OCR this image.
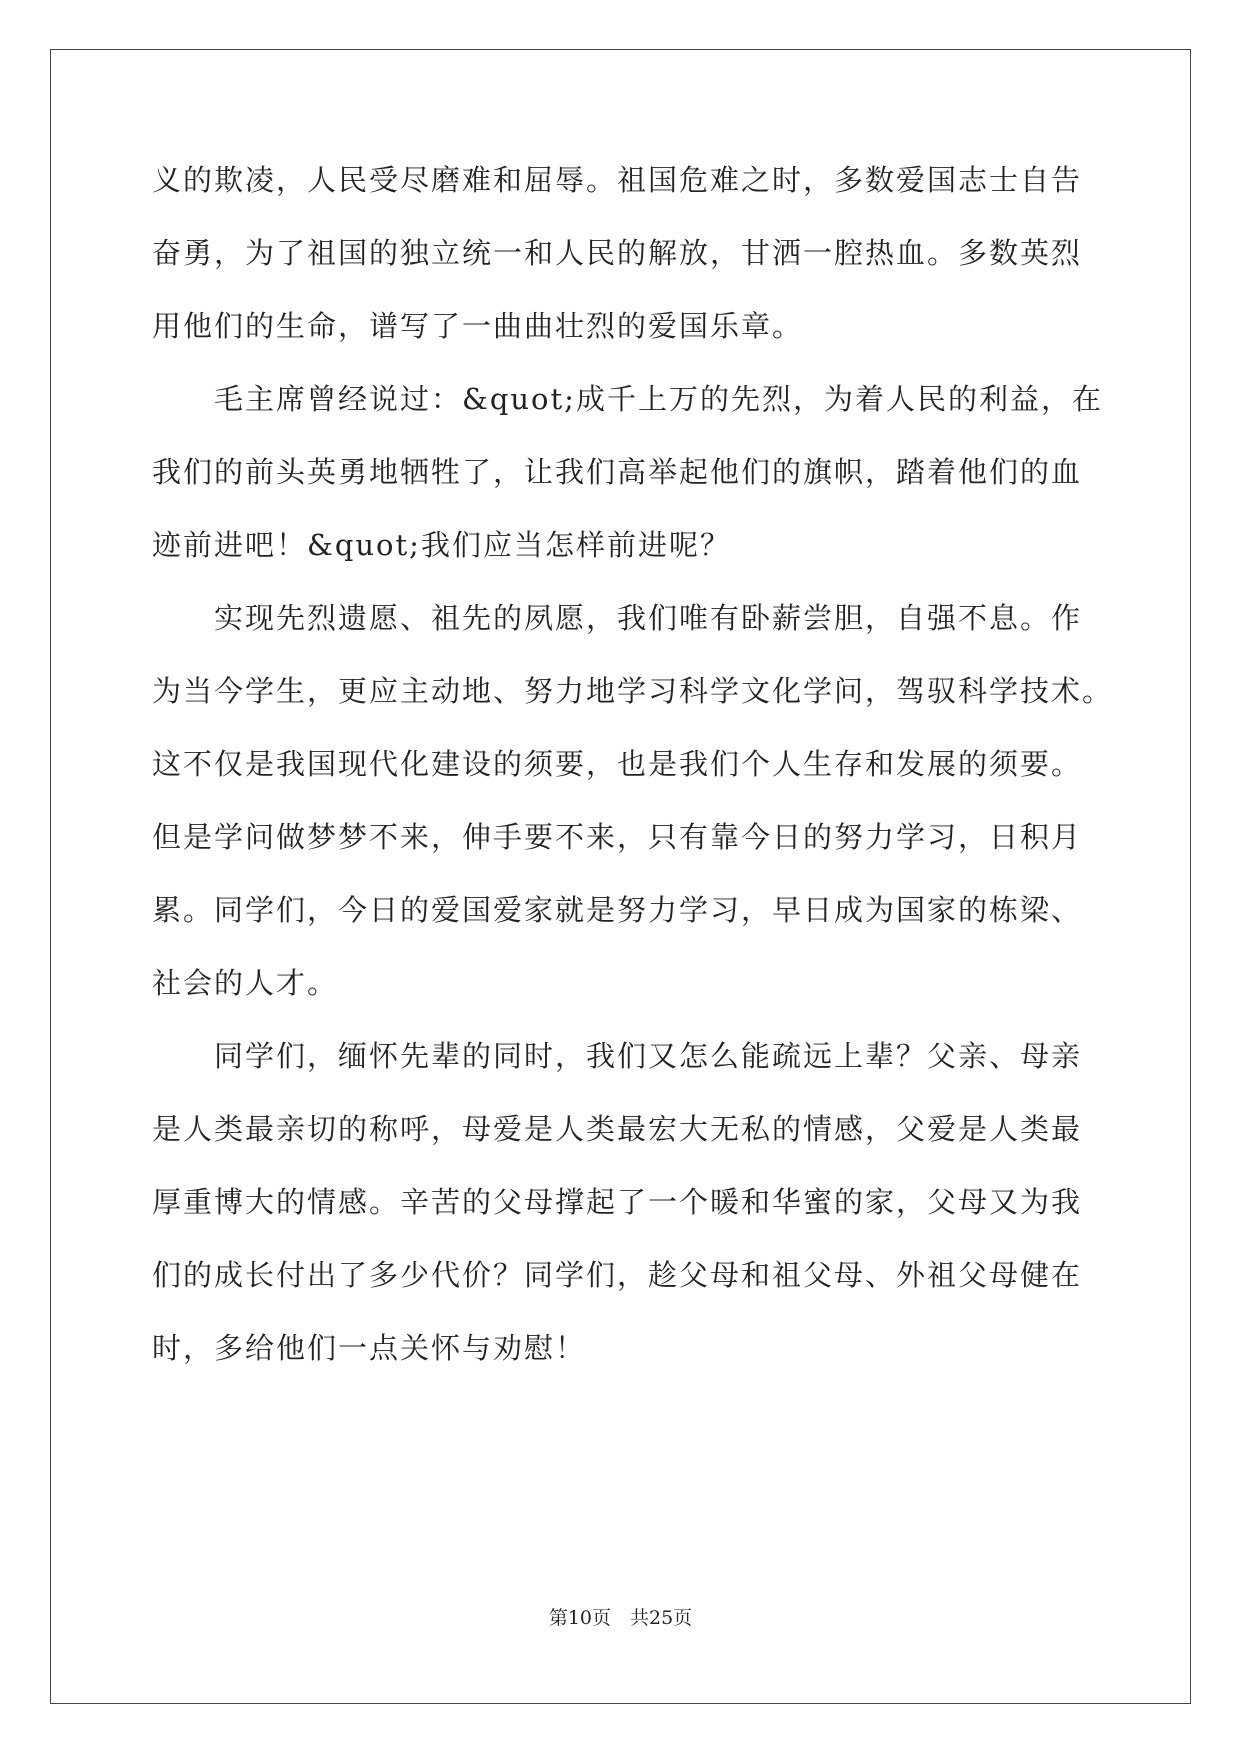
义的欺凌，人民受尽磨难和屈辱。祖国危难之时，多数爱国志士自告
奋勇，为了祖国的独立统一和人民的解放，甘洒一腔热血。多数英烈
用他们的生命，谱写了一曲曲壮烈的爱国乐章。
　　毛主席曾经说过：&quot;成千上万的先烈，为着人民的利益，在
我们的前头英勇地牺牲了，让我们高举起他们的旗帜，踏着他们的血
迹前进吧！&quot;我们应当怎样前进呢？
　　实现先烈遗愿、祖先的夙愿，我们唯有卧薪尝胆，自强不息。作
为当今学生，更应主动地、努力地学习科学文化学问，驾驭科学技术。
这不仅是我国现代化建设的须要，也是我们个人生存和发展的须要。
但是学问做梦梦不来，伸手要不来，只有靠今日的努力学习，日积月
累。同学们，今日的爱国爱家就是努力学习，早日成为国家的栋梁、
社会的人才。
　　同学们，缅怀先辈的同时，我们又怎么能疏远上辈？父亲、母亲
是人类最亲切的称呼，母爱是人类最宏大无私的情感，父爱是人类最
厚重博大的情感。辛苦的父母撑起了一个暖和华蜜的家，父母又为我
们的成长付出了多少代价？同学们，趁父母和祖父母、外祖父母健在
时，多给他们一点关怀与劝慰！
第10页　共25页
